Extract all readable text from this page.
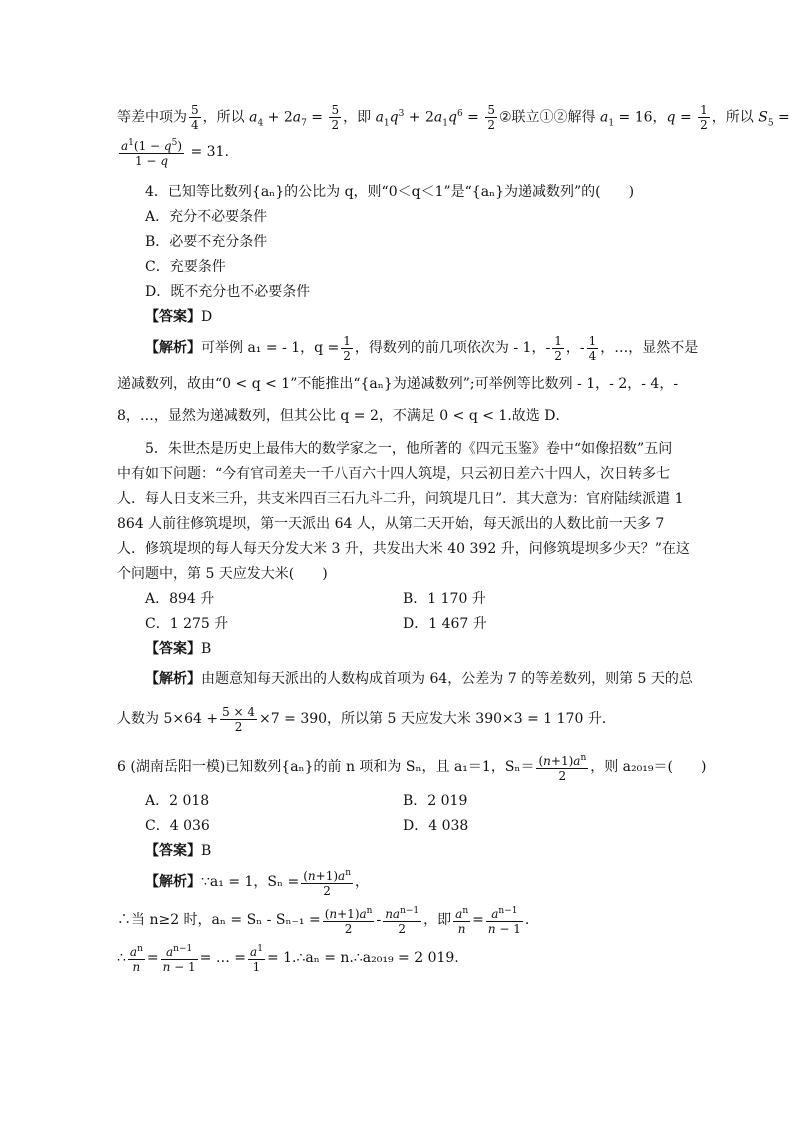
等差中项为 $\frac{5}{4}$ ，所以 $a_4 + 2a_7 = \frac{5}{2}$ ，即 $a_1q^3 + 2a_1q^6 = \frac{5}{2}$ ②联立①②解得 $a_1 = 16$，$q = \frac{1}{2}$ ，所以 $S_5$ =
$\frac{a^1(1 - q^5)}{1 - q} = 31$.
4．已知等比数列{aₙ}的公比为 q，则“0＜q＜1”是“{aₙ}为递减数列”的(　　)
A．充分不必要条件
B．必要不充分条件
C．充要条件
D．既不充分也不必要条件
【答案】D
【解析】可举例 a₁ = - 1，$q = \frac{1}{2}$ ，得数列的前几项依次为 - 1，- $\frac{1}{2}$ ，- $\frac{1}{4}$ ，…，显然不是
递减数列，故由“0 < q < 1”不能推出“{aₙ}为递减数列”;可举例等比数列 - 1，- 2，- 4，-
8，…，显然为递减数列，但其公比 q = 2，不满足 0 < q < 1.故选 D．
5．朱世杰是历史上最伟大的数学家之一，他所著的《四元玉鉴》卷中“如像招数”五问
中有如下问题：“今有官司差夫一千八百六十四人筑堤，只云初日差六十四人，次日转多七
人．每人日支米三升，共支米四百三石九斗二升，问筑堤几日”．其大意为：官府陆续派遣 1
864 人前往修筑堤坝，第一天派出 64 人，从第二天开始，每天派出的人数比前一天多 7
人．修筑堤坝的每人每天分发大米 3 升，共发出大米 40 392 升，问修筑堤坝多少天？”在这
个问题中，第 5 天应发大米(　　)
A．894 升	B．1 170 升
C．1 275 升	D．1 467 升
【答案】B
【解析】由题意知每天派出的人数构成首项为 64，公差为 7 的等差数列，则第 5 天的总
人数为 $5\times 64 + \frac{5 \times 4}{2} \times 7 = 390$，所以第 5 天应发大米 390×3 = 1 170 升．
6 (湖南岳阳一模)已知数列{aₙ}的前 n 项和为 Sₙ，且 a₁＝1，$S_n= \frac{(n+1)a^n}{2}$ ，则 a₂₀₁₉＝(　　)
A．2 018	B．2 019
C．4 036	D．4 038
【答案】B
【解析】∵a₁ = 1，$S_n = \frac{(n+1)a^n}{2}$ ，
∴当 n≥2 时，$a_n = S_n - S_{n-1} = \frac{(n+1)a^n}{2} - \frac{na^{n-1}}{2}$ ，即 $\frac{a^n}{n} = \frac{a^{n-1}}{n - 1}$ .
∴ $\frac{a^n}{n} = \frac{a^{n-1}}{n - 1}$ = … = $\frac{a^1}{1}$ = 1.∴aₙ = n.∴a₂₀₁₉ = 2 019.
